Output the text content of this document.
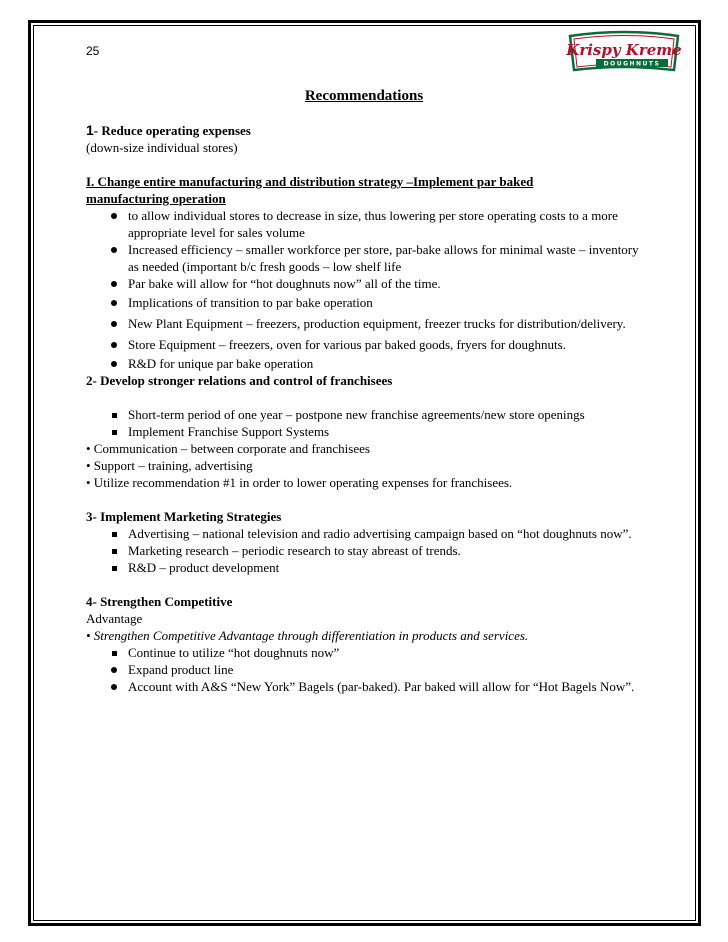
25	Krispy Kreme
DOUGHNUTS
Recommendations

1- Reduce operating expenses

(down-size individual stores)

I. Change entire manufacturing and distribution strategy –Implement par baked
manufacturing operation

to allow individual stores to decrease in size, thus lowering per store operating costs to a more appropriate level for sales volume
Increased efficiency – smaller workforce per store, par-bake allows for minimal waste – inventory as needed (important b/c fresh goods – low shelf life
Par bake will allow for “hot doughnuts now” all of the time.
Implications of transition to par bake operation
New Plant Equipment – freezers, production equipment, freezer trucks for distribution/delivery.
Store Equipment – freezers, oven for various par baked goods, fryers for doughnuts.
R&D for unique par bake operation

2- Develop stronger relations and control of franchisees

Short-term period of one year – postpone new franchise agreements/new store openings
Implement Franchise Support Systems

• Communication – between corporate and franchisees

• Support – training, advertising

• Utilize recommendation #1 in order to lower operating expenses for franchisees.

3- Implement Marketing Strategies

Advertising – national television and radio advertising campaign based on “hot doughnuts now”.
Marketing research – periodic research to stay abreast of trends.
R&D – product development

4- Strengthen Competitive

Advantage

• Strengthen Competitive Advantage through differentiation in products and services.

Continue to utilize “hot doughnuts now”
Expand product line
Account with A&S “New York” Bagels (par-baked). Par baked will allow for “Hot Bagels Now”.
